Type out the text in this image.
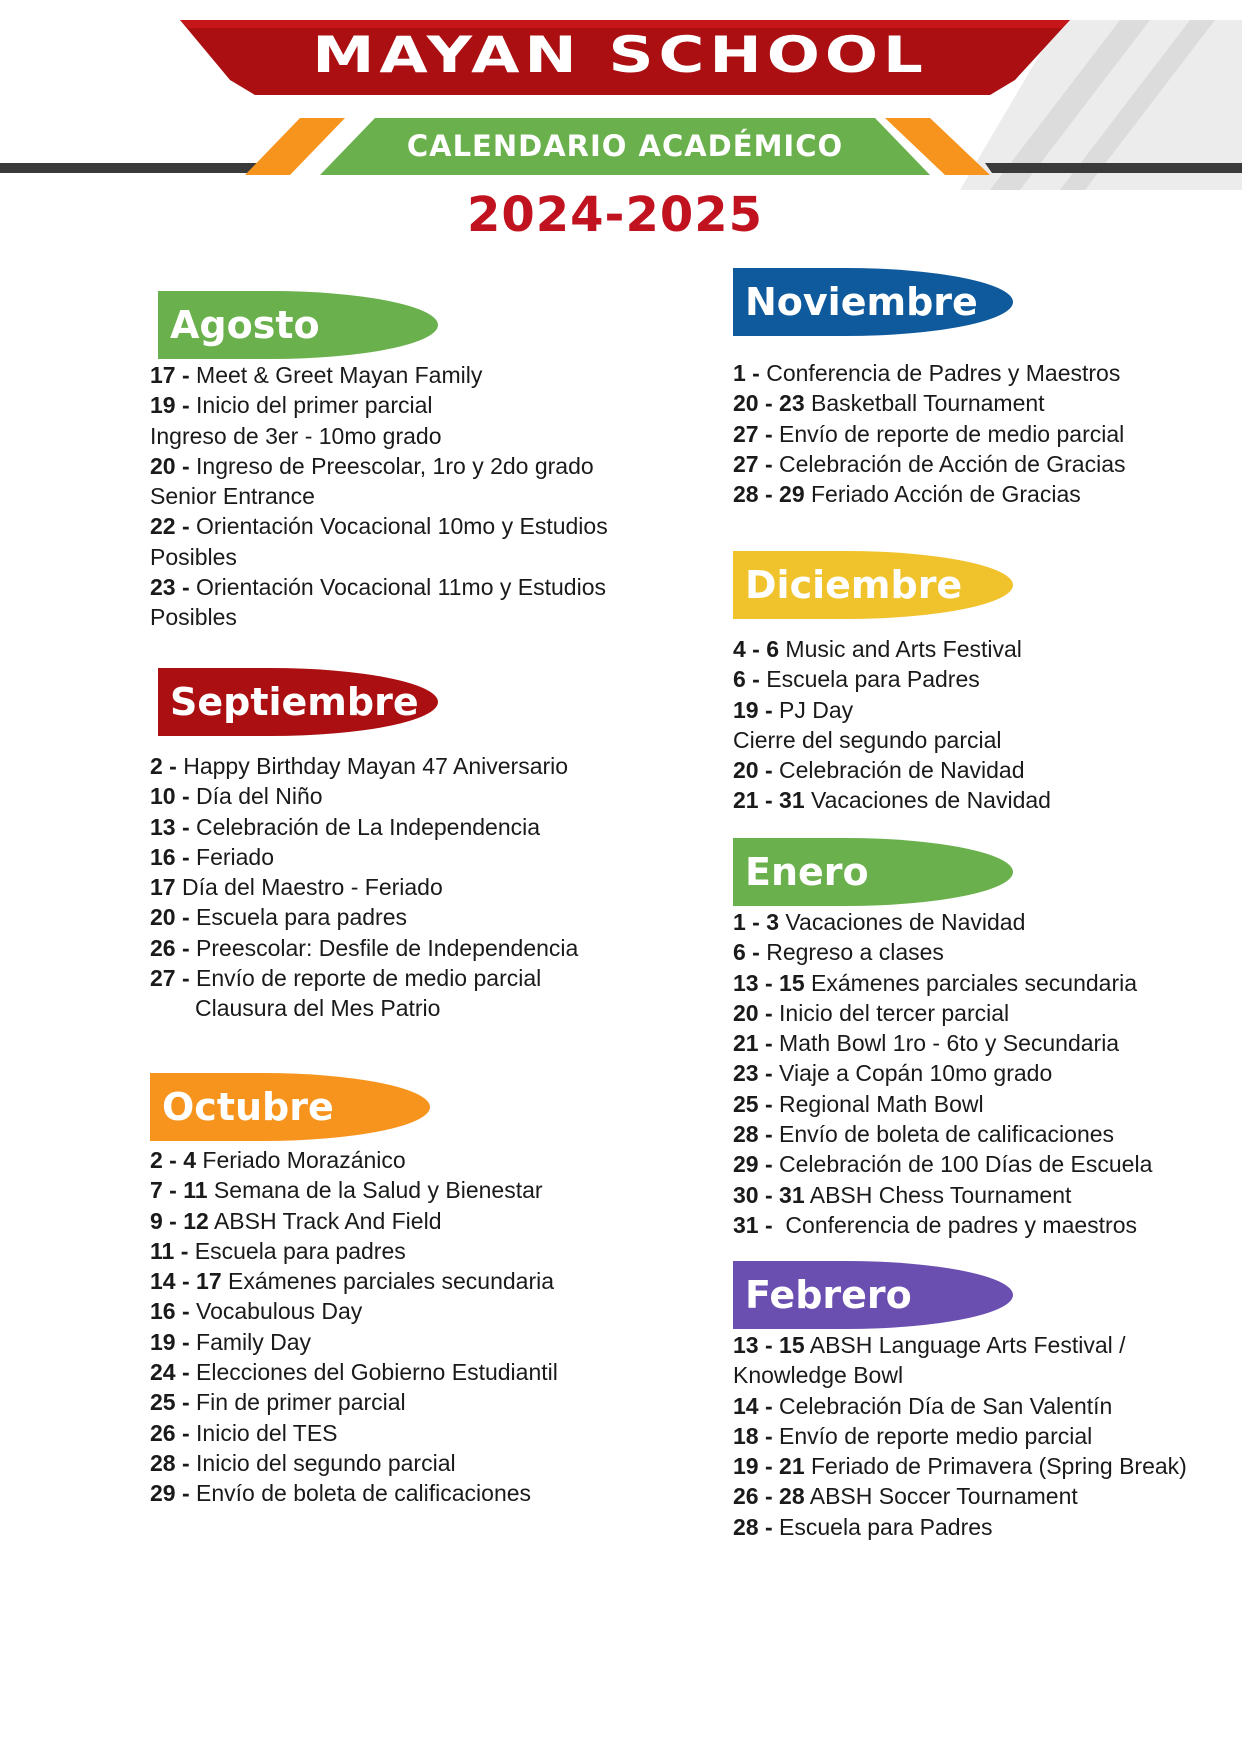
MAYAN SCHOOL
CALENDARIO ACADÉMICO
2024-2025
Agosto
17 - Meet & Greet Mayan Family
19 - Inicio del primer parcial
Ingreso de 3er - 10mo grado
20 - Ingreso de Preescolar, 1ro y 2do grado
Senior Entrance
22 - Orientación Vocacional 10mo y Estudios
Posibles
23 - Orientación Vocacional 11mo y Estudios
Posibles
Septiembre
2 - Happy Birthday Mayan 47 Aniversario
10 - Día del Niño
13 - Celebración de La Independencia
16 - Feriado
17 Día del Maestro - Feriado
20 - Escuela para padres
26 - Preescolar: Desfile de Independencia
27 - Envío de reporte de medio parcial
Clausura del Mes Patrio
Octubre
2 - 4 Feriado Morazánico
7 - 11 Semana de la Salud y Bienestar
9 - 12 ABSH Track And Field
11 - Escuela para padres
14 - 17 Exámenes parciales secundaria
16 - Vocabulous Day
19 - Family Day
24 - Elecciones del Gobierno Estudiantil
25 - Fin de primer parcial
26 - Inicio del TES
28 - Inicio del segundo parcial
29 - Envío de boleta de calificaciones
Noviembre
1 - Conferencia de Padres y Maestros
20 - 23 Basketball Tournament
27 - Envío de reporte de medio parcial
27 - Celebración de Acción de Gracias
28 - 29 Feriado Acción de Gracias
Diciembre
4 - 6 Music and Arts Festival
6 - Escuela para Padres
19 - PJ Day
Cierre del segundo parcial
20 - Celebración de Navidad
21 - 31 Vacaciones de Navidad
Enero
1 - 3 Vacaciones de Navidad
6 - Regreso a clases
13 - 15 Exámenes parciales secundaria
20 - Inicio del tercer parcial
21 - Math Bowl 1ro - 6to y Secundaria
23 - Viaje a Copán 10mo grado
25 - Regional Math Bowl
28 - Envío de boleta de calificaciones
29 - Celebración de 100 Días de Escuela
30 - 31 ABSH Chess Tournament
31 -  Conferencia de padres y maestros
Febrero
13 - 15 ABSH Language Arts Festival /
Knowledge Bowl
14 - Celebración Día de San Valentín
18 - Envío de reporte medio parcial
19 - 21 Feriado de Primavera (Spring Break)
26 - 28 ABSH Soccer Tournament
28 - Escuela para Padres
